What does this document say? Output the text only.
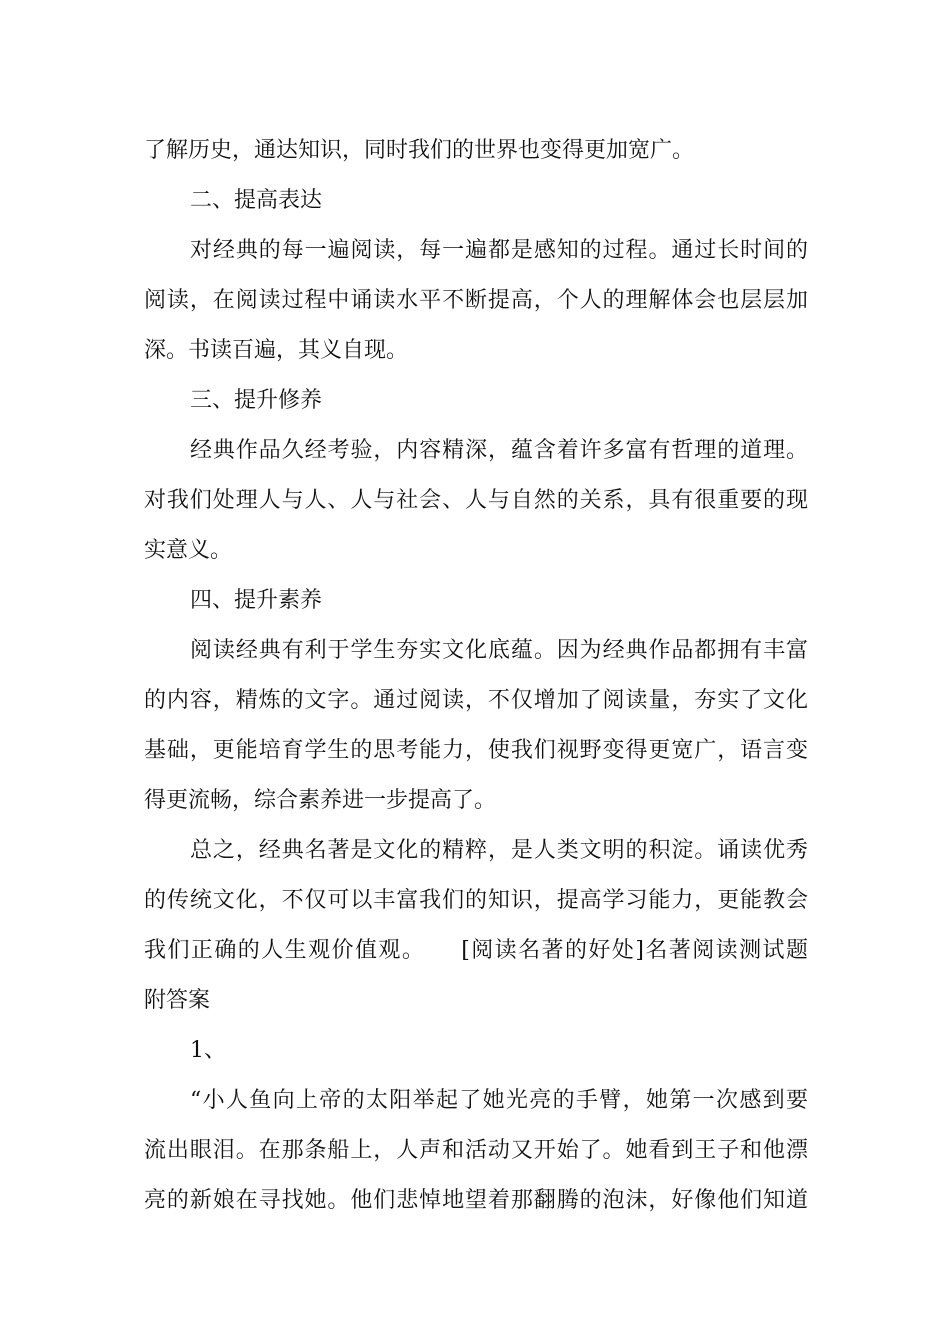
了解历史，通达知识，同时我们的世界也变得更加宽广。
二、提高表达
对经典的每一遍阅读，每一遍都是感知的过程。通过长时间的
阅读，在阅读过程中诵读水平不断提高，个人的理解体会也层层加
深。书读百遍，其义自现。
三、提升修养
经典作品久经考验，内容精深，蕴含着许多富有哲理的道理。
对我们处理人与人、人与社会、人与自然的关系，具有很重要的现
实意义。
四、提升素养
阅读经典有利于学生夯实文化底蕴。因为经典作品都拥有丰富
的内容，精炼的文字。通过阅读，不仅增加了阅读量，夯实了文化
基础，更能培育学生的思考能力，使我们视野变得更宽广，语言变
得更流畅，综合素养进一步提高了。
总之，经典名著是文化的精粹，是人类文明的积淀。诵读优秀
的传统文化，不仅可以丰富我们的知识，提高学习能力，更能教会
我们正确的人生观价值观。　　[阅读名著的好处]名著阅读测试题
附答案
1、
“小人鱼向上帝的太阳举起了她光亮的手臂，她第一次感到要
流出眼泪。在那条船上，人声和活动又开始了。她看到王子和他漂
亮的新娘在寻找她。他们悲悼地望着那翻腾的泡沫，好像他们知道
